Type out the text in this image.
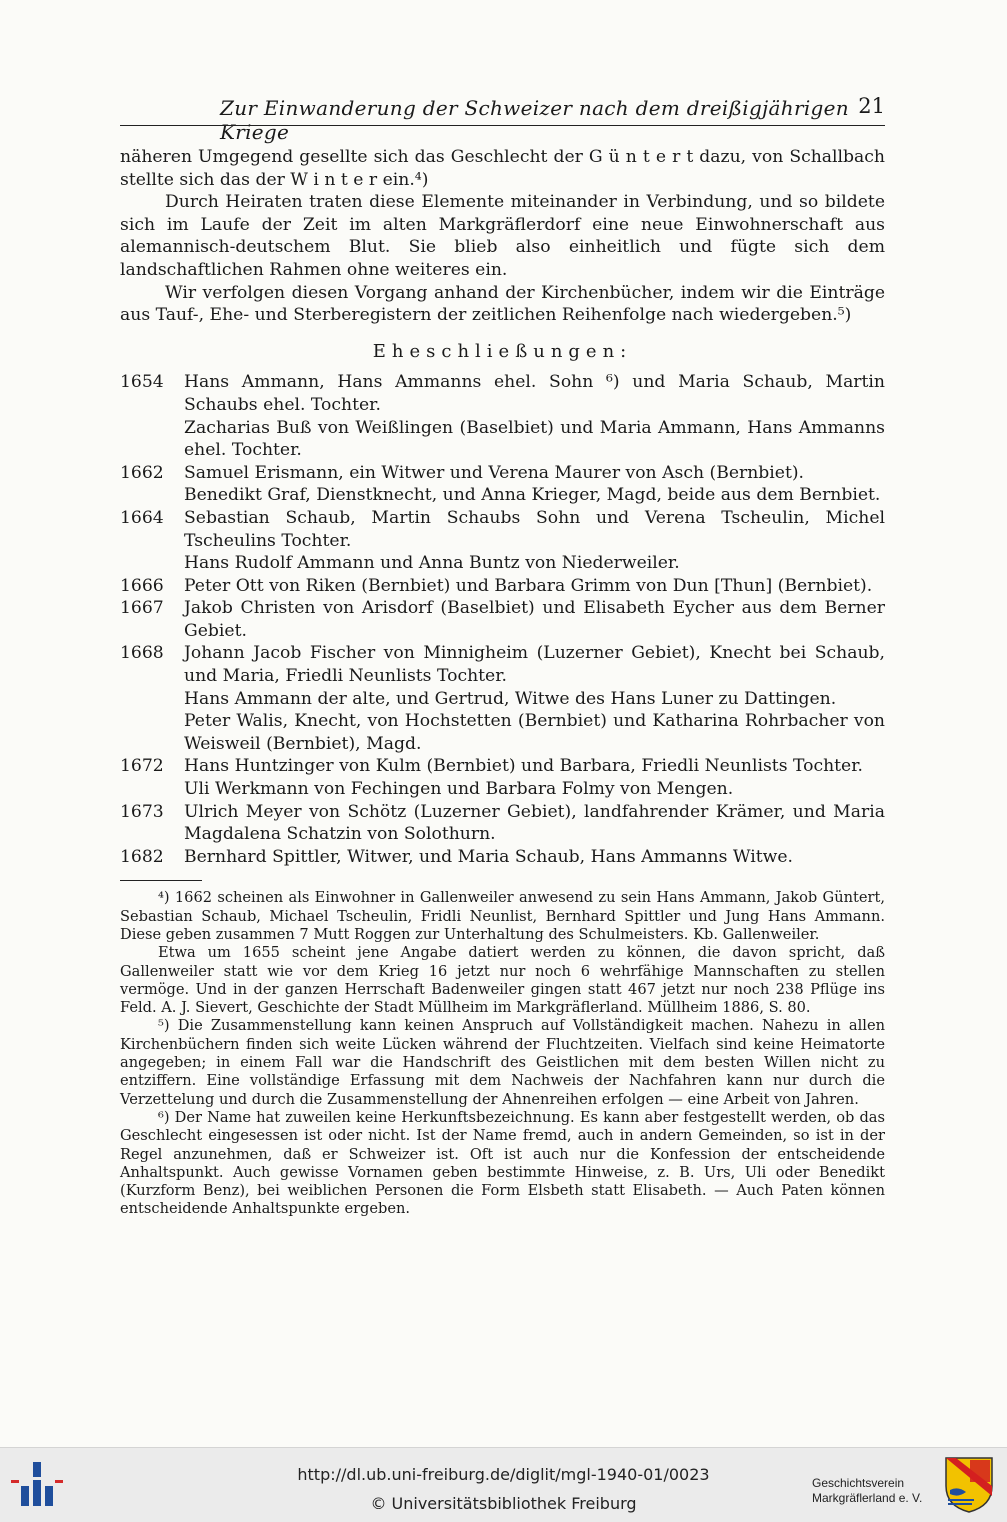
Zur Einwanderung der Schweizer nach dem dreißigjährigen Kriege
21

näheren Umgegend gesellte sich das Geschlecht der G ü n t e r t dazu, von Schallbach stellte sich das der W i n t e r ein.⁴)

Durch Heiraten traten diese Elemente miteinander in Verbindung, und so bildete sich im Laufe der Zeit im alten Markgräflerdorf eine neue Einwohnerschaft aus alemannisch-deutschem Blut. Sie blieb also einheitlich und fügte sich dem landschaftlichen Rahmen ohne weiteres ein.

Wir verfolgen diesen Vorgang anhand der Kirchenbücher, indem wir die Einträge aus Tauf-, Ehe- und Sterberegistern der zeitlichen Reihenfolge nach wiedergeben.⁵)

Eheschließungen:

1654	Hans Ammann, Hans Ammanns ehel. Sohn ⁶) und Maria Schaub, Martin Schaubs ehel. Tochter.
Zacharias Buß von Weißlingen (Baselbiet) und Maria Ammann, Hans Ammanns ehel. Tochter.
1662	Samuel Erismann, ein Witwer und Verena Maurer von Asch (Bernbiet).
Benedikt Graf, Dienstknecht, und Anna Krieger, Magd, beide aus dem Bernbiet.
1664	Sebastian Schaub, Martin Schaubs Sohn und Verena Tscheulin, Michel Tscheulins Tochter.
Hans Rudolf Ammann und Anna Buntz von Niederweiler.
1666	Peter Ott von Riken (Bernbiet) und Barbara Grimm von Dun [Thun] (Bernbiet).
1667	Jakob Christen von Arisdorf (Baselbiet) und Elisabeth Eycher aus dem Berner Gebiet.
1668	Johann Jacob Fischer von Minnigheim (Luzerner Gebiet), Knecht bei Schaub, und Maria, Friedli Neunlists Tochter.
Hans Ammann der alte, und Gertrud, Witwe des Hans Luner zu Dattingen.
Peter Walis, Knecht, von Hochstetten (Bernbiet) und Katharina Rohrbacher von Weisweil (Bernbiet), Magd.
1672	Hans Huntzinger von Kulm (Bernbiet) und Barbara, Friedli Neunlists Tochter.
Uli Werkmann von Fechingen und Barbara Folmy von Mengen.
1673	Ulrich Meyer von Schötz (Luzerner Gebiet), landfahrender Krämer, und Maria Magdalena Schatzin von Solothurn.
1682	Bernhard Spittler, Witwer, und Maria Schaub, Hans Ammanns Witwe.

⁴) 1662 scheinen als Einwohner in Gallenweiler anwesend zu sein Hans Ammann, Jakob Güntert, Sebastian Schaub, Michael Tscheulin, Fridli Neunlist, Bernhard Spittler und Jung Hans Ammann. Diese geben zusammen 7 Mutt Roggen zur Unterhaltung des Schulmeisters. Kb. Gallenweiler.

Etwa um 1655 scheint jene Angabe datiert werden zu können, die davon spricht, daß Gallenweiler statt wie vor dem Krieg 16 jetzt nur noch 6 wehrfähige Mannschaften zu stellen vermöge. Und in der ganzen Herrschaft Badenweiler gingen statt 467 jetzt nur noch 238 Pflüge ins Feld. A. J. Sievert, Geschichte der Stadt Müllheim im Markgräflerland. Müllheim 1886, S. 80.

⁵) Die Zusammenstellung kann keinen Anspruch auf Vollständigkeit machen. Nahezu in allen Kirchenbüchern finden sich weite Lücken während der Fluchtzeiten. Vielfach sind keine Heimatorte angegeben; in einem Fall war die Handschrift des Geistlichen mit dem besten Willen nicht zu entziffern. Eine vollständige Erfassung mit dem Nachweis der Nachfahren kann nur durch die Verzettelung und durch die Zusammenstellung der Ahnenreihen erfolgen — eine Arbeit von Jahren.

⁶) Der Name hat zuweilen keine Herkunftsbezeichnung. Es kann aber festgestellt werden, ob das Geschlecht eingesessen ist oder nicht. Ist der Name fremd, auch in andern Gemeinden, so ist in der Regel anzunehmen, daß er Schweizer ist. Oft ist auch nur die Konfession der entscheidende Anhaltspunkt. Auch gewisse Vornamen geben bestimmte Hinweise, z. B. Urs, Uli oder Benedikt (Kurzform Benz), bei weiblichen Personen die Form Elsbeth statt Elisabeth. — Auch Paten können entscheidende Anhaltspunkte ergeben.

http://dl.ub.uni-freiburg.de/diglit/mgl-1940-01/0023
© Universitätsbibliothek Freiburg
Geschichtsverein
Markgräflerland e. V.
